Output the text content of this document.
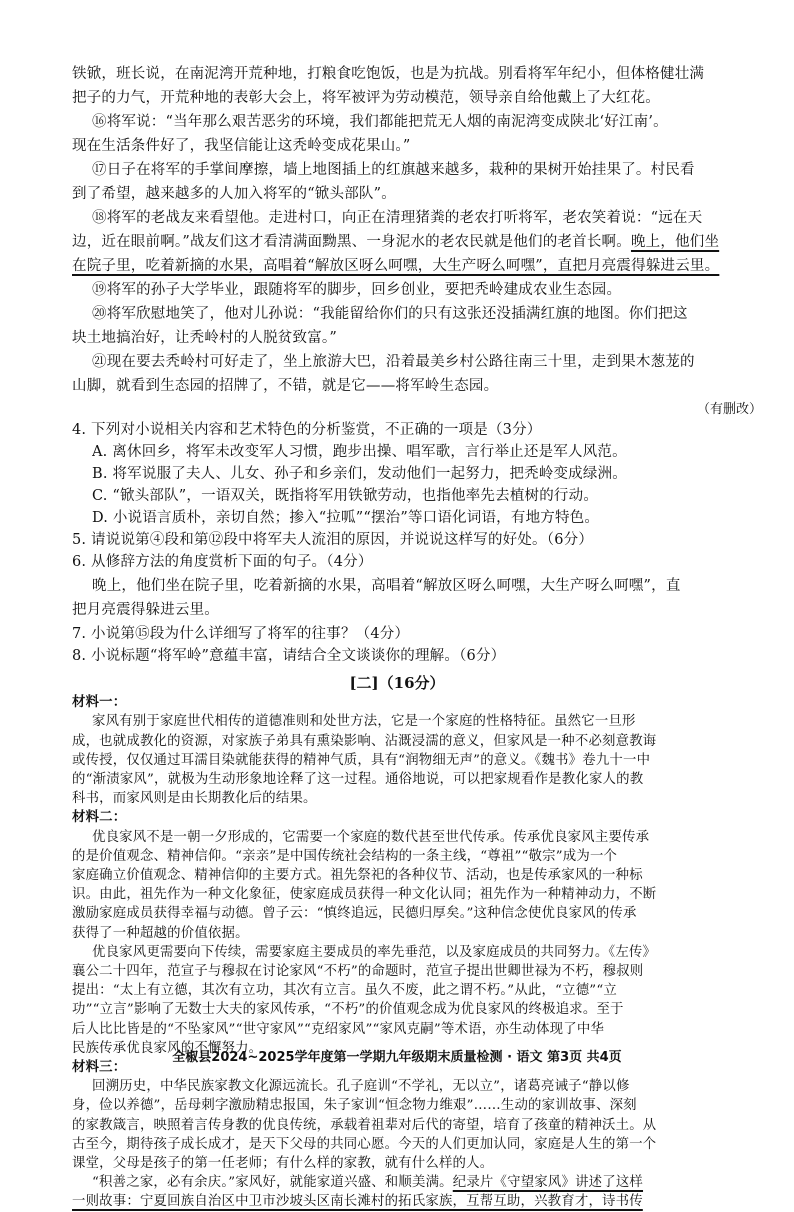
铁锨，班长说，在南泥湾开荒种地，打粮食吃饱饭，也是为抗战。别看将军年纪小，但体格健壮满
把子的力气，开荒种地的表彰大会上，将军被评为劳动模范，领导亲自给他戴上了大红花。
⑯将军说：“当年那么艰苦恶劣的环境，我们都能把荒无人烟的南泥湾变成陕北‘好江南’。
现在生活条件好了，我坚信能让这秃岭变成花果山。”
⑰日子在将军的手掌间摩擦，墙上地图插上的红旗越来越多，栽种的果树开始挂果了。村民看
到了希望，越来越多的人加入将军的“锨头部队”。
⑱将军的老战友来看望他。走进村口，向正在清理猪粪的老农打听将军，老农笑着说：“远在天
边，近在眼前啊。”战友们这才看清满面黝黑、一身泥水的老农民就是他们的老首长啊。晚上，他们坐
在院子里，吃着新摘的水果，高唱着“解放区呀么呵嘿，大生产呀么呵嘿”，直把月亮震得躲进云里。
⑲将军的孙子大学毕业，跟随将军的脚步，回乡创业，要把秃岭建成农业生态园。
⑳将军欣慰地笑了，他对儿孙说：“我能留给你们的只有这张还没插满红旗的地图。你们把这
块土地搞治好，让秃岭村的人脱贫致富。”
㉑现在要去秃岭村可好走了，坐上旅游大巴，沿着最美乡村公路往南三十里，走到果木葱茏的
山脚，就看到生态园的招牌了，不错，就是它——将军岭生态园。
（有删改）
4. 下列对小说相关内容和艺术特色的分析鉴赏，不正确的一项是（3分）
A. 离休回乡，将军未改变军人习惯，跑步出操、唱军歌，言行举止还是军人风范。
B. 将军说服了夫人、儿女、孙子和乡亲们，发动他们一起努力，把秃岭变成绿洲。
C. “锨头部队”，一语双关，既指将军用铁锨劳动，也指他率先去植树的行动。
D. 小说语言质朴，亲切自然；掺入“拉呱”“摆治”等口语化词语，有地方特色。
5. 请说说第④段和第⑫段中将军夫人流泪的原因，并说说这样写的好处。（6分）
6. 从修辞方法的角度赏析下面的句子。（4分）
晚上，他们坐在院子里，吃着新摘的水果，高唱着“解放区呀么呵嘿，大生产呀么呵嘿”，直
把月亮震得躲进云里。
7. 小说第⑮段为什么详细写了将军的往事？（4分）
8. 小说标题“将军岭”意蕴丰富，请结合全文谈谈你的理解。（6分）
[二]（16分）
材料一：
家风有别于家庭世代相传的道德准则和处世方法，它是一个家庭的性格特征。虽然它一旦形
成，也就成教化的资源，对家族子弟具有熏染影响、沾溉浸濡的意义，但家风是一种不必刻意教诲
或传授，仅仅通过耳濡目染就能获得的精神气质，具有“润物细无声”的意义。《魏书》卷九十一中
的“渐渍家风”，就极为生动形象地诠释了这一过程。通俗地说，可以把家规看作是教化家人的教
科书，而家风则是由长期教化后的结果。
材料二：
优良家风不是一朝一夕形成的，它需要一个家庭的数代甚至世代传承。传承优良家风主要传承
的是价值观念、精神信仰。“亲亲”是中国传统社会结构的一条主线，“尊祖”“敬宗”成为一个
家庭确立价值观念、精神信仰的主要方式。祖先祭祀的各种仪节、活动，也是传承家风的一种标
识。由此，祖先作为一种文化象征，使家庭成员获得一种文化认同；祖先作为一种精神动力，不断
激励家庭成员获得幸福与动德。曾子云：“慎终追远，民德归厚矣。”这种信念使优良家风的传承
获得了一种超越的价值依据。
优良家风更需要向下传续，需要家庭主要成员的率先垂范，以及家庭成员的共同努力。《左传》
全椒县2024~2025学年度第一学期九年级期末质量检测 · 语文 第3页 共4页
襄公二十四年，范宣子与穆叔在讨论家风“不朽”的命题时，范宣子提出世卿世禄为不朽，穆叔则
提出：“太上有立德，其次有立功，其次有立言。虽久不废，此之谓不朽。”从此，“立德”“立
功”“立言”影响了无数士大夫的家风传承，“不朽”的价值观念成为优良家风的终极追求。至于
后人比比皆是的“不坠家风”“世守家风”“克绍家风”“家风克嗣”等术语，亦生动体现了中华
民族传承优良家风的不懈努力。
材料三：
回溯历史，中华民族家教文化源远流长。孔子庭训“不学礼，无以立”，诸葛亮诫子“静以修
身，俭以养德”，岳母刺字激励精忠报国，朱子家训“恒念物力维艰”……生动的家训故事、深刻
的家教箴言，映照着言传身教的优良传统，承载着祖辈对后代的寄望，培育了孩童的精神沃土。从
古至今，期待孩子成长成才，是天下父母的共同心愿。今天的人们更加认同，家庭是人生的第一个
课堂，父母是孩子的第一任老师；有什么样的家教，就有什么样的人。
一则故事：宁夏回族自治区中卫市沙坡头区南长滩村的拓氏家族，互帮互助，兴教育才，诗书传
“积善之家，必有余庆。”家风好，就能家道兴盛、和顺美满。纪录片《守望家风》讲述了这样
